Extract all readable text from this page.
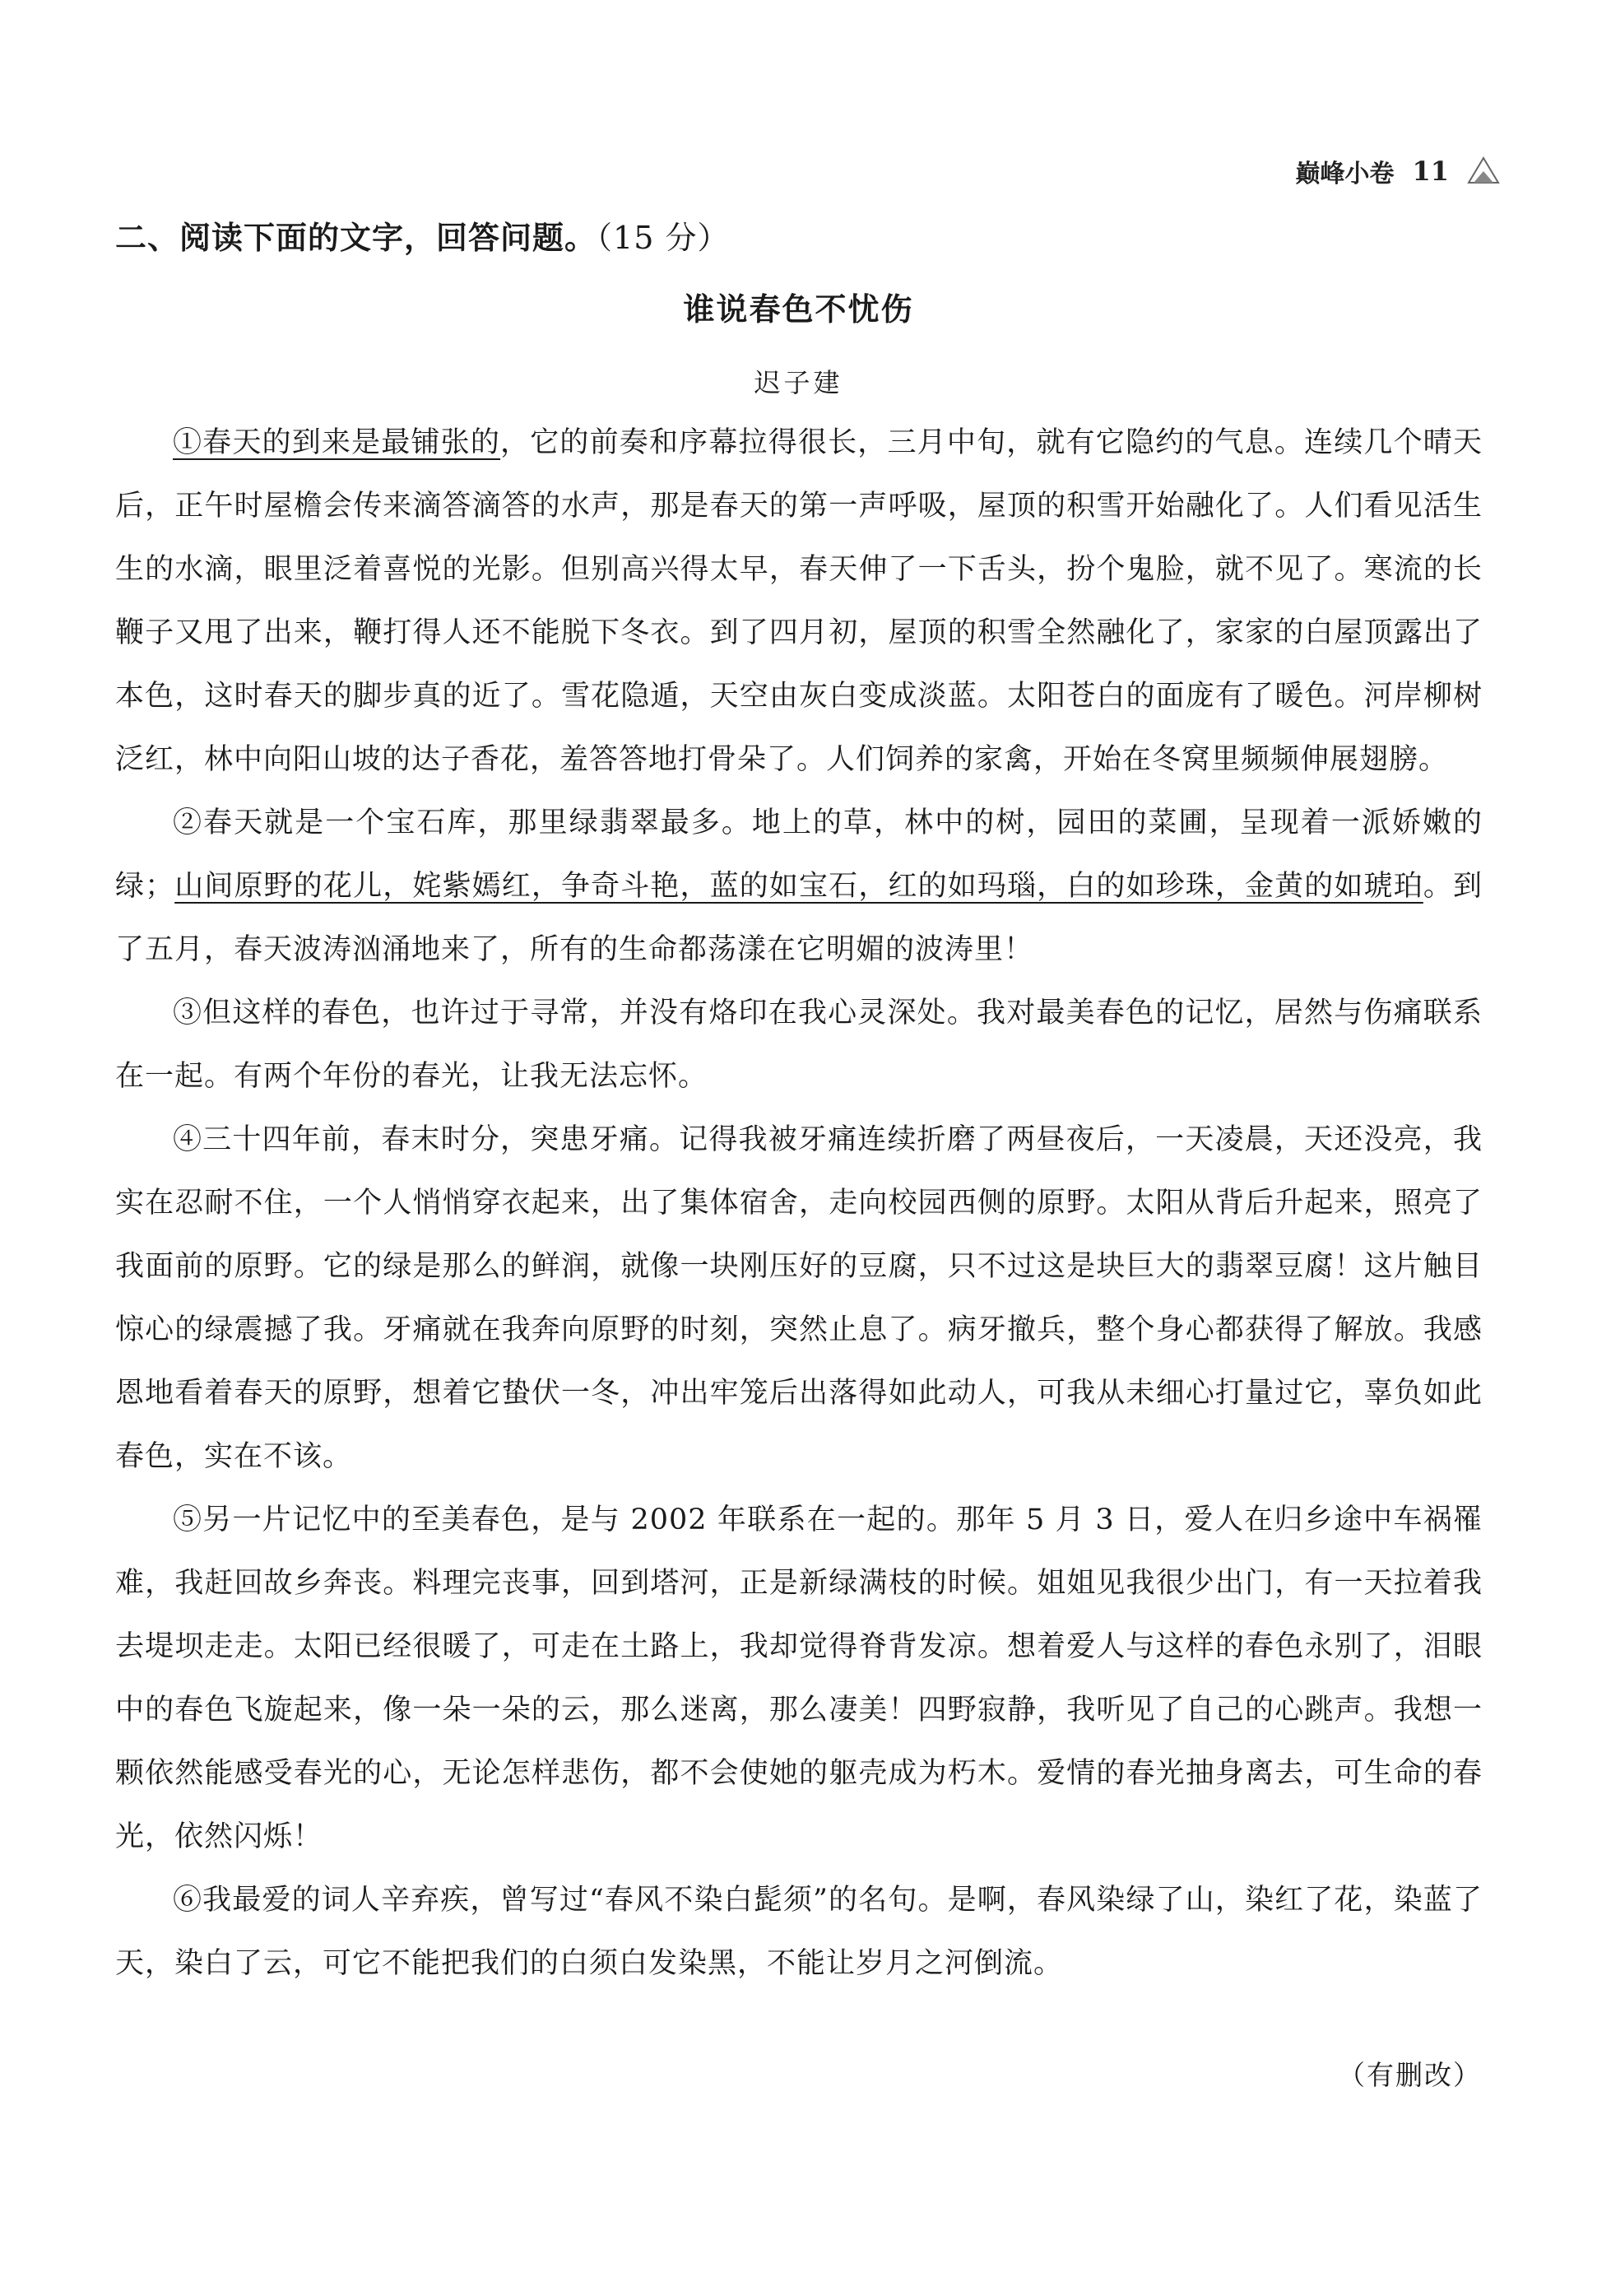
巅峰小卷 11
二、阅读下面的文字，回答问题。（15 分）
谁说春色不忧伤
迟子建

①春天的到来是最铺张的，它的前奏和序幕拉得很长，三月中旬，就有它隐约的气息。连续几个晴天后，正午时屋檐会传来滴答滴答的水声，那是春天的第一声呼吸，屋顶的积雪开始融化了。人们看见活生生的水滴，眼里泛着喜悦的光影。但别高兴得太早，春天伸了一下舌头，扮个鬼脸，就不见了。寒流的长鞭子又甩了出来，鞭打得人还不能脱下冬衣。到了四月初，屋顶的积雪全然融化了，家家的白屋顶露出了本色，这时春天的脚步真的近了。雪花隐遁，天空由灰白变成淡蓝。太阳苍白的面庞有了暖色。河岸柳树泛红，林中向阳山坡的达子香花，羞答答地打骨朵了。人们饲养的家禽，开始在冬窝里频频伸展翅膀。

②春天就是一个宝石库，那里绿翡翠最多。地上的草，林中的树，园田的菜圃，呈现着一派娇嫩的绿；山间原野的花儿，姹紫嫣红，争奇斗艳，蓝的如宝石，红的如玛瑙，白的如珍珠，金黄的如琥珀。到了五月，春天波涛汹涌地来了，所有的生命都荡漾在它明媚的波涛里！

③但这样的春色，也许过于寻常，并没有烙印在我心灵深处。我对最美春色的记忆，居然与伤痛联系在一起。有两个年份的春光，让我无法忘怀。

④三十四年前，春末时分，突患牙痛。记得我被牙痛连续折磨了两昼夜后，一天凌晨，天还没亮，我实在忍耐不住，一个人悄悄穿衣起来，出了集体宿舍，走向校园西侧的原野。太阳从背后升起来，照亮了我面前的原野。它的绿是那么的鲜润，就像一块刚压好的豆腐，只不过这是块巨大的翡翠豆腐！这片触目惊心的绿震撼了我。牙痛就在我奔向原野的时刻，突然止息了。病牙撤兵，整个身心都获得了解放。我感恩地看着春天的原野，想着它蛰伏一冬，冲出牢笼后出落得如此动人，可我从未细心打量过它，辜负如此春色，实在不该。

⑤另一片记忆中的至美春色，是与 2002 年联系在一起的。那年 5 月 3 日，爱人在归乡途中车祸罹难，我赶回故乡奔丧。料理完丧事，回到塔河，正是新绿满枝的时候。姐姐见我很少出门，有一天拉着我去堤坝走走。太阳已经很暖了，可走在土路上，我却觉得脊背发凉。想着爱人与这样的春色永别了，泪眼中的春色飞旋起来，像一朵一朵的云，那么迷离，那么凄美！四野寂静，我听见了自己的心跳声。我想一颗依然能感受春光的心，无论怎样悲伤，都不会使她的躯壳成为朽木。爱情的春光抽身离去，可生命的春光，依然闪烁！

⑥我最爱的词人辛弃疾，曾写过“春风不染白髭须”的名句。是啊，春风染绿了山，染红了花，染蓝了天，染白了云，可它不能把我们的白须白发染黑，不能让岁月之河倒流。

（有删改）
